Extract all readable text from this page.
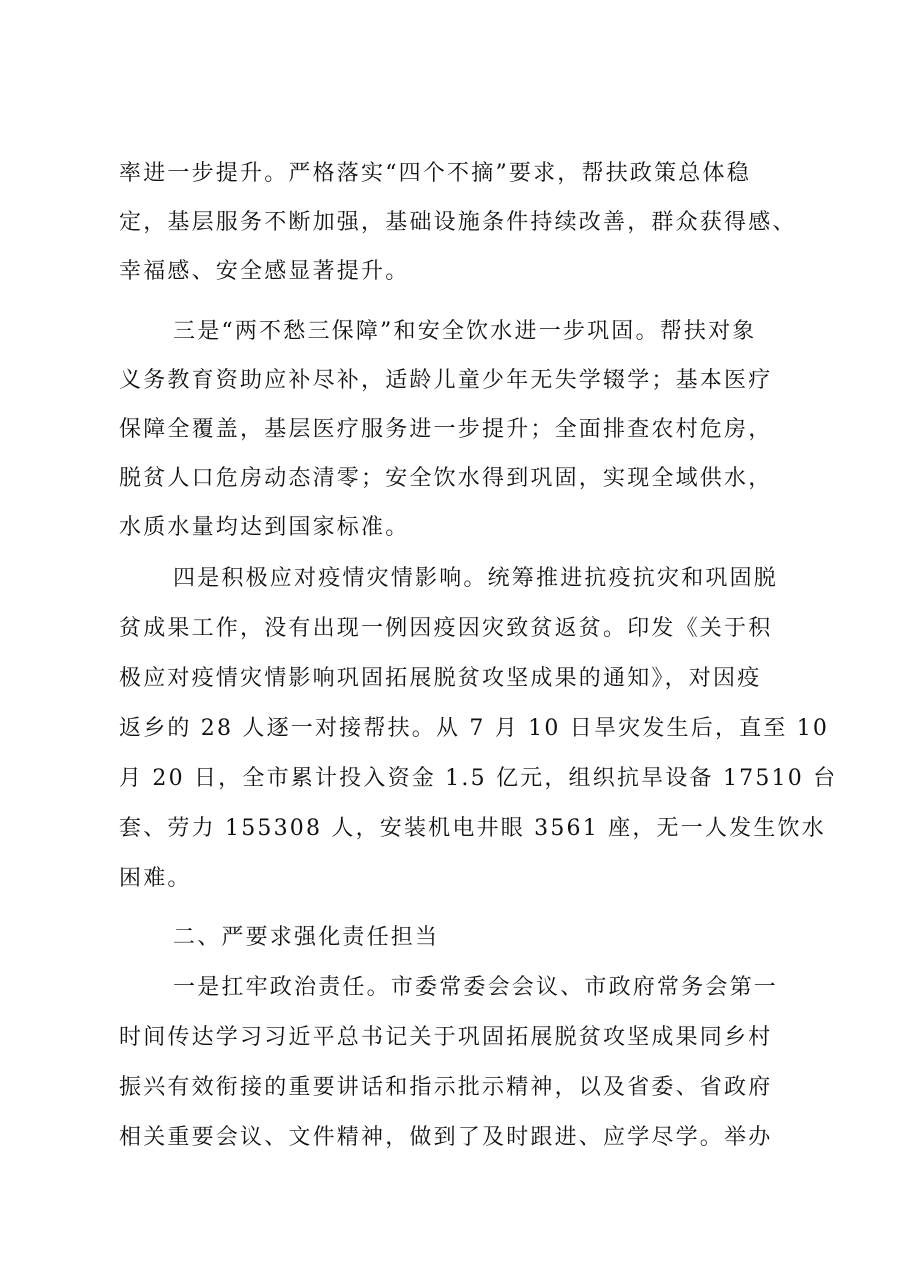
率进一步提升。严格落实“四个不摘”要求，帮扶政策总体稳
定，基层服务不断加强，基础设施条件持续改善，群众获得感、
幸福感、安全感显著提升。
三是“两不愁三保障”和安全饮水进一步巩固。帮扶对象
义务教育资助应补尽补，适龄儿童少年无失学辍学；基本医疗
保障全覆盖，基层医疗服务进一步提升；全面排查农村危房，
脱贫人口危房动态清零；安全饮水得到巩固，实现全域供水，
水质水量均达到国家标准。
四是积极应对疫情灾情影响。统筹推进抗疫抗灾和巩固脱
贫成果工作，没有出现一例因疫因灾致贫返贫。印发《关于积
极应对疫情灾情影响巩固拓展脱贫攻坚成果的通知》，对因疫
返乡的 28 人逐一对接帮扶。从 7 月 10 日旱灾发生后，直至 10
月 20 日，全市累计投入资金 1.5 亿元，组织抗旱设备 17510 台
套、劳力 155308 人，安装机电井眼 3561 座，无一人发生饮水
困难。
二、严要求强化责任担当
一是扛牢政治责任。市委常委会会议、市政府常务会第一
时间传达学习习近平总书记关于巩固拓展脱贫攻坚成果同乡村
振兴有效衔接的重要讲话和指示批示精神，以及省委、省政府
相关重要会议、文件精神，做到了及时跟进、应学尽学。举办
